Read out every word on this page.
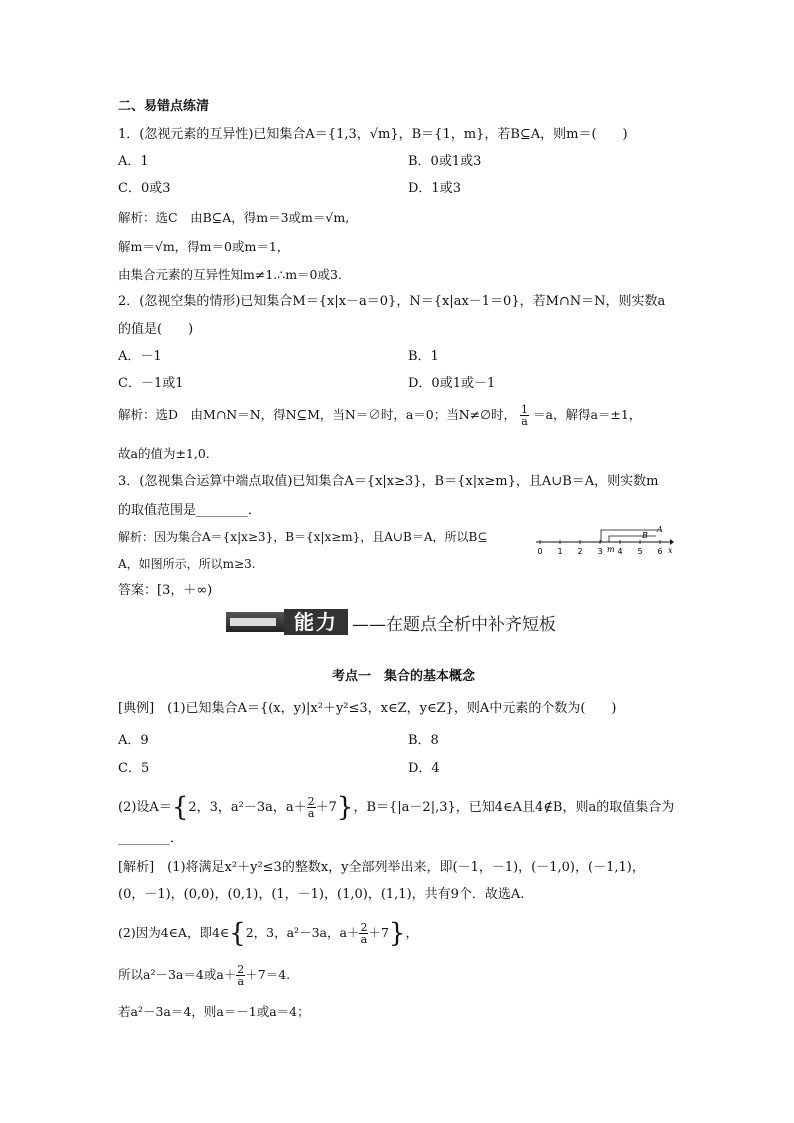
二、易错点练清
1．(忽视元素的互异性)已知集合A＝{1,3，√m}，B＝{1，m}，若B⊆A，则m＝(　　)
A．1	B．0或1或3
C．0或3	D．1或3
解析：选C　由B⊆A，得m＝3或m＝√m,
解m＝√m，得m＝0或m＝1，
由集合元素的互异性知m≠1.∴m＝0或3.
2．(忽视空集的情形)已知集合M＝{x|x－a＝0}，N＝{x|ax－1＝0}，若M∩N＝N，则实数a
的值是(　　)
A．－1	B．1
C．－1或1	D．0或1或－1
解析：选D　由M∩N＝N，得N⊆M，当N＝∅时，a＝0；当N≠∅时， $\frac{1}{a} =a$，解得a＝±1，
故a的值为±1,0.
3．(忽视集合运算中端点取值)已知集合A＝{x|x≥3}，B＝{x|x≥m}，且A∪B＝A，则实数m
的取值范围是________．
解析：因为集合A＝{x|x≥3}，B＝{x|x≥m}，且A∪B＝A，所以B⊆
A，如图所示，所以m≥3.
答案：[3，＋∞)
0 1 2 3 4 5 6
A
B
m	x
能力 ——在题点全析中补齐短板
考点一　集合的基本概念
[典例]　(1)已知集合A＝{(x，y)|x²＋y²≤3，x∈Z，y∈Z}，则A中元素的个数为(　　)
A．9	B．8
C．5	D．4
(2)设A＝{2，3，a²－3a，$a+ \frac{2}{a} +7$}，B＝{|a－2|,3}，已知4∈A且4∉B，则a的取值集合为
________．
[解析]　(1)将满足x²＋y²≤3的整数x，y全部列举出来，即(－1，－1)，(－1,0)，(－1,1)，
(0，－1)，(0,0)，(0,1)，(1，－1)，(1,0)，(1,1)，共有9个．故选A.
(2)因为4∈A，即4∈{2，3，a²－3a，$a+ \frac{2}{a} +7$}，
所以a²－3a＝4或$a+ \frac{2}{a} +7=4$.
若a²－3a＝4，则a＝－1或a＝4；
